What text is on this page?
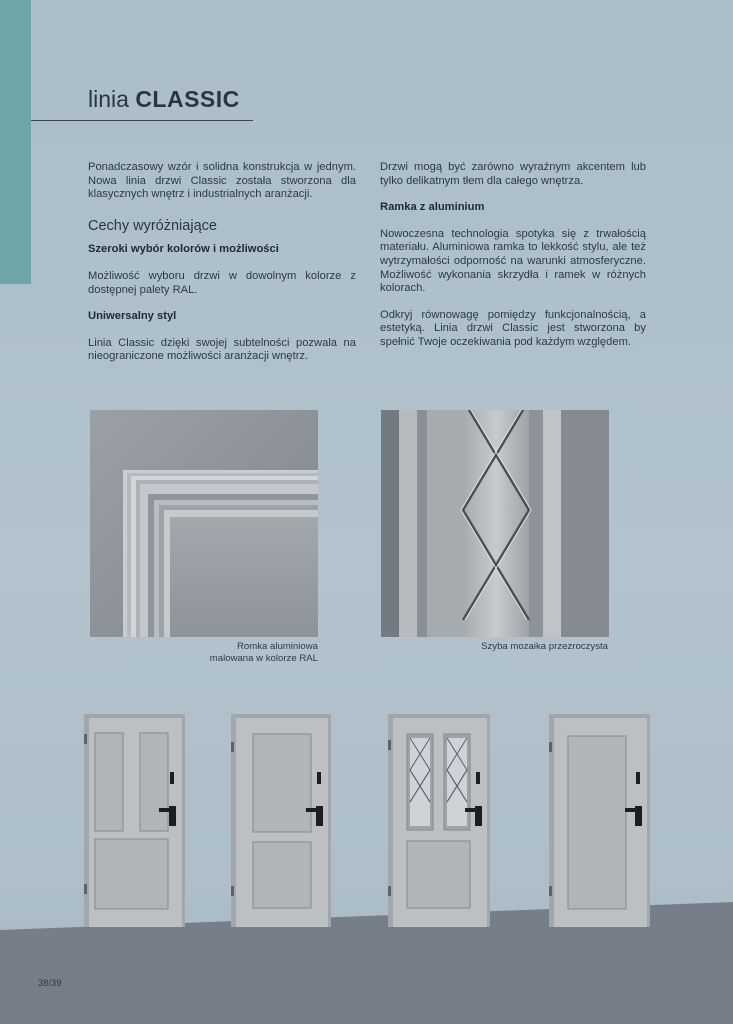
linia CLASSIC

Ponadczasowy wzór i solidna konstrukcja w jednym. Nowa linia drzwi Classic została stworzona dla klasycznych wnętrz i industrialnych aranżacji.

Cechy wyróżniające
Szeroki wybór kolorów i możliwości

Możliwość wyboru drzwi w dowolnym kolorze z dostępnej palety RAL.

Uniwersalny styl

Linia Classic dzięki swojej subtelności pozwala na nieograniczone możliwości aranżacji wnętrz.

Drzwi mogą być zarówno wyraźnym akcentem lub tylko delikatnym tłem dla całego wnętrza.

Ramka z aluminium

Nowoczesna technologia spotyka się z trwałością materiału. Aluminiowa ramka to lekkość stylu, ale też wytrzymałości odporność na warunki atmosferyczne. Możliwość wykonania skrzydła i ramek w różnych kolorach.

Odkryj równowagę pomiędzy funkcjonalnością, a estetyką. Linia drzwi Classic jest stworzona by spełnić Twoje oczekiwania pod każdym względem.

Romka aluminiowa
malowana w kolorze RAL
Szyba mozaika przezroczysta
38/39
